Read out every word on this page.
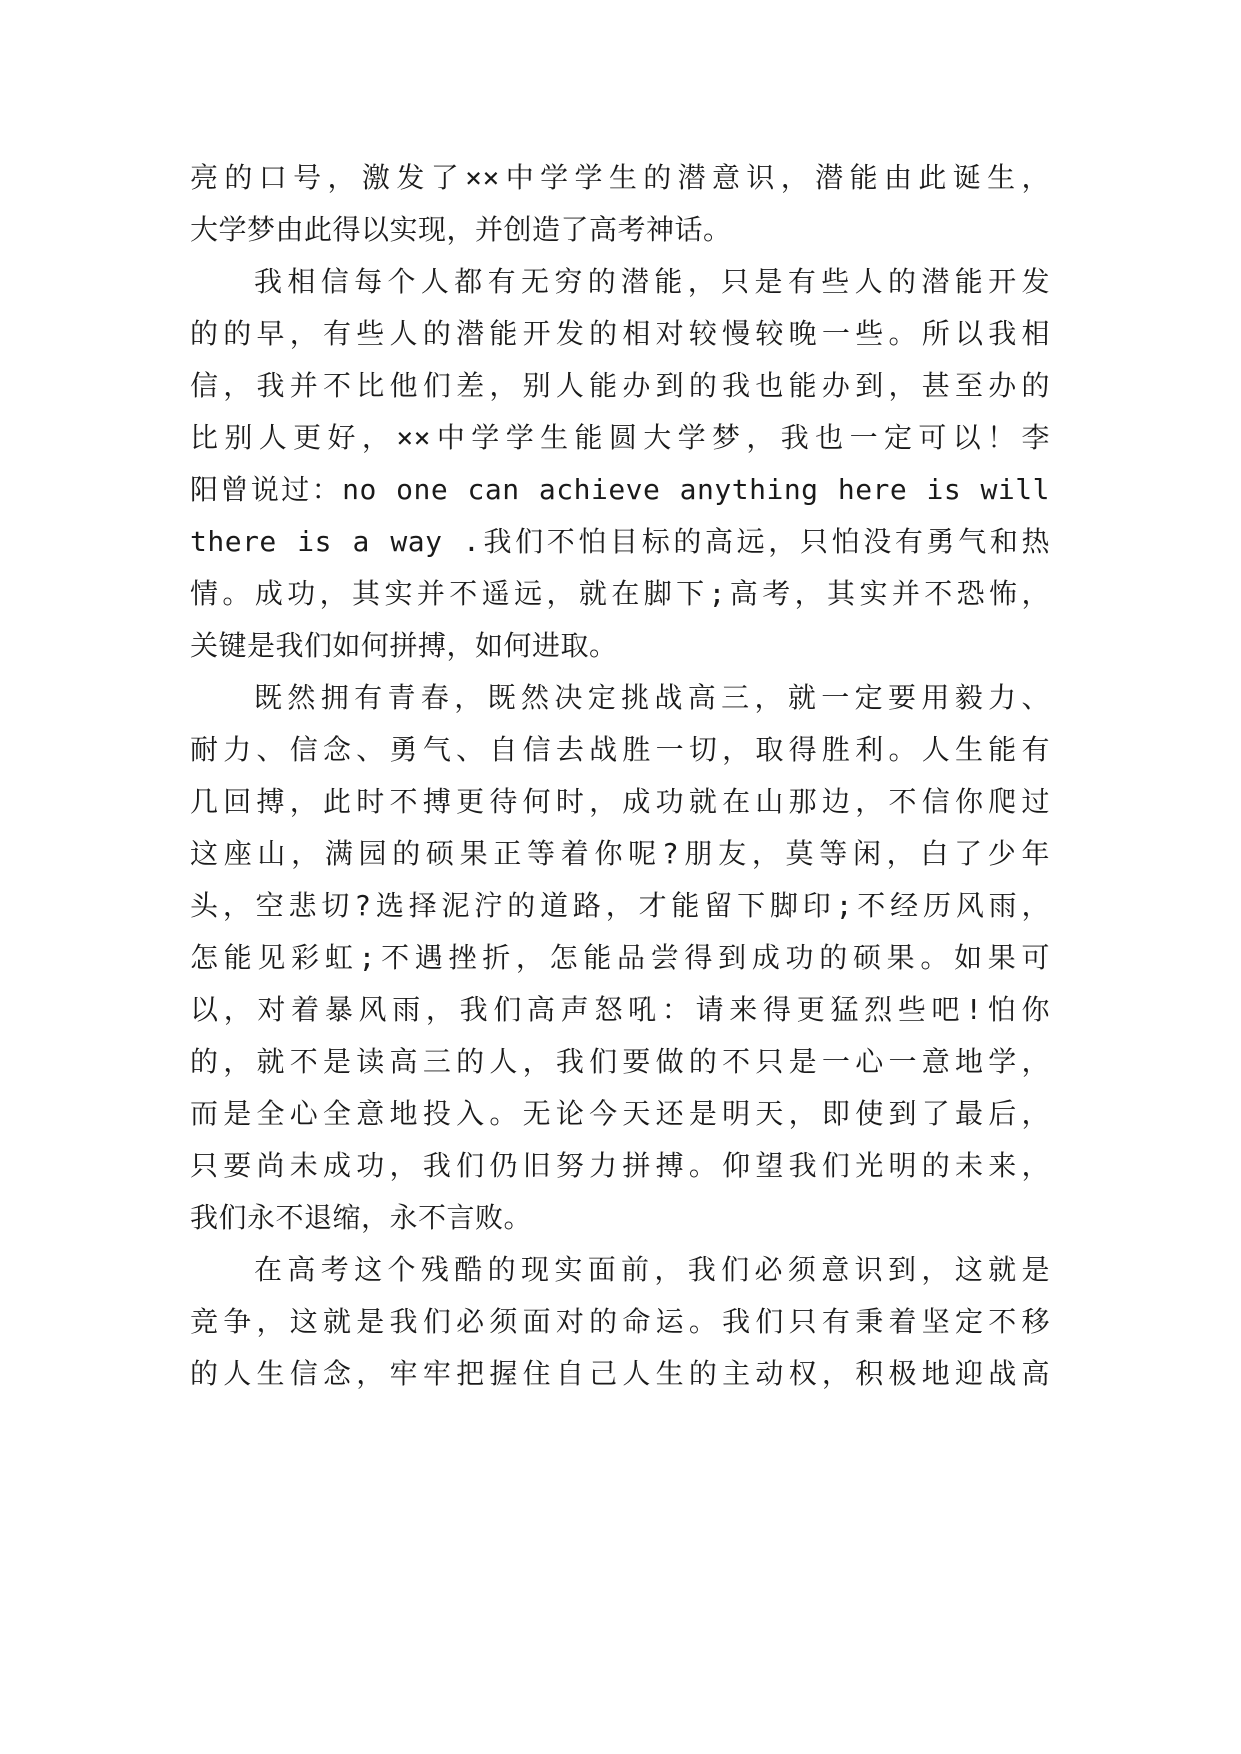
亮的口号，激发了××中学学生的潜意识，潜能由此诞生，
大学梦由此得以实现，并创造了高考神话。
我相信每个人都有无穷的潜能，只是有些人的潜能开发
的的早，有些人的潜能开发的相对较慢较晚一些。所以我相
信，我并不比他们差，别人能办到的我也能办到，甚至办的
比别人更好，××中学学生能圆大学梦，我也一定可以！李
阳曾说过：no one can achieve anything here is will
there is a way .我们不怕目标的高远，只怕没有勇气和热
情。成功，其实并不遥远，就在脚下;高考，其实并不恐怖，
关键是我们如何拼搏，如何进取。
既然拥有青春，既然决定挑战高三，就一定要用毅力、
耐力、信念、勇气、自信去战胜一切，取得胜利。人生能有
几回搏，此时不搏更待何时，成功就在山那边，不信你爬过
这座山，满园的硕果正等着你呢?朋友，莫等闲，白了少年
头，空悲切?选择泥泞的道路，才能留下脚印;不经历风雨，
怎能见彩虹;不遇挫折，怎能品尝得到成功的硕果。如果可
以，对着暴风雨，我们高声怒吼：请来得更猛烈些吧!怕你
的，就不是读高三的人，我们要做的不只是一心一意地学，
而是全心全意地投入。无论今天还是明天，即使到了最后，
只要尚未成功，我们仍旧努力拼搏。仰望我们光明的未来，
我们永不退缩，永不言败。
在高考这个残酷的现实面前，我们必须意识到，这就是
竞争，这就是我们必须面对的命运。我们只有秉着坚定不移
的人生信念，牢牢把握住自己人生的主动权，积极地迎战高
